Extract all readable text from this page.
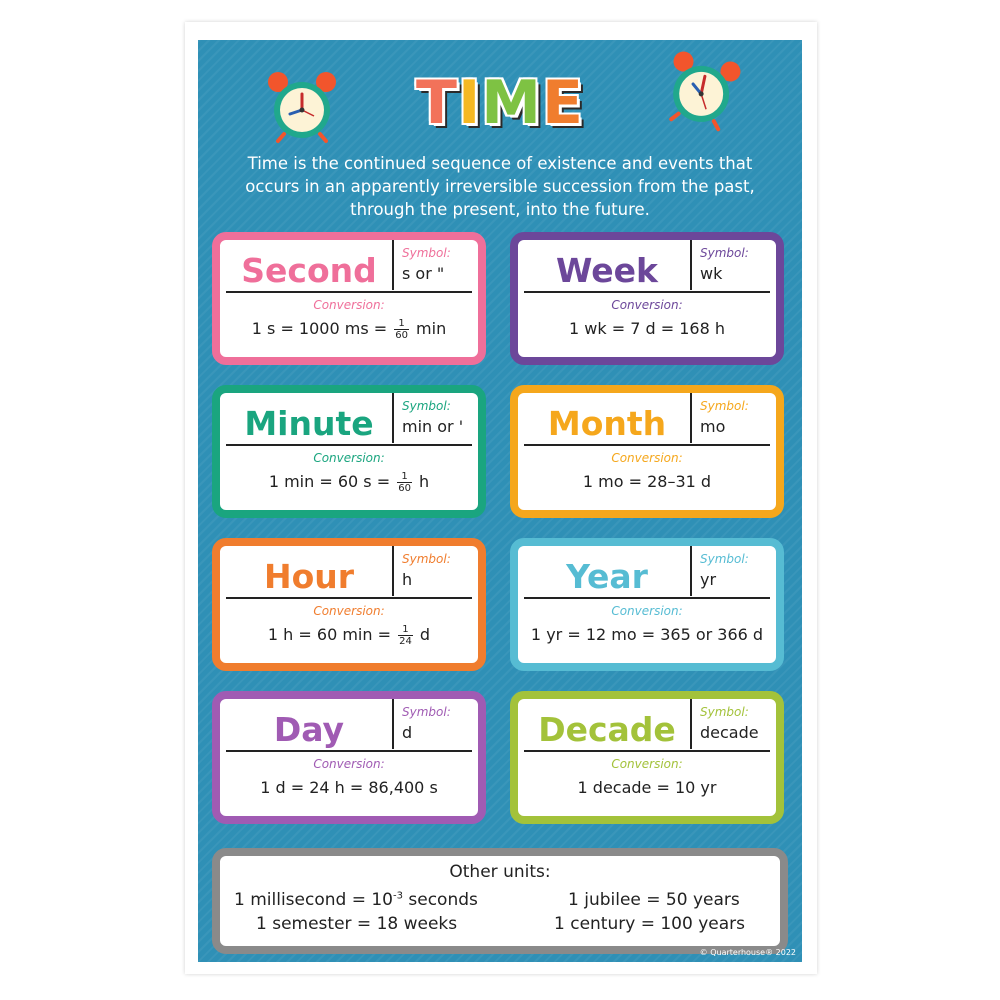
TIME
Time is the continued sequence of existence and events that occurs in an apparently irreversible succession from the past, through the present, into the future.
Second	Symbol:
s or "
Conversion:
1 s = 1000 ms = $\frac{1}{60}$ min
Week	Symbol:
wk
Conversion:
1 wk = 7 d = 168 h
Minute	Symbol:
min or '
Conversion:
1 min = 60 $s = \frac{1}{60}$ h
Month	Symbol:
mo
Conversion:
1 mo = 28–31 d
Hour	Symbol:
h
Conversion:
1 h = 60 $\min = \frac{1}{24}$ d
Year	Symbol:
yr
Conversion:
1 yr = 12 mo = 365 or 366 d
Day	Symbol:
d
Conversion:
1 d = 24 h = 86,400 s
Decade	Symbol:
decade
Conversion:
1 decade = 10 yr
Other units:
1 millisecond = $10^{-3}$ seconds
1 semester = 18 weeks
1 jubilee = 50 years
1 century = 100 years
© Quarterhouse® 2022
